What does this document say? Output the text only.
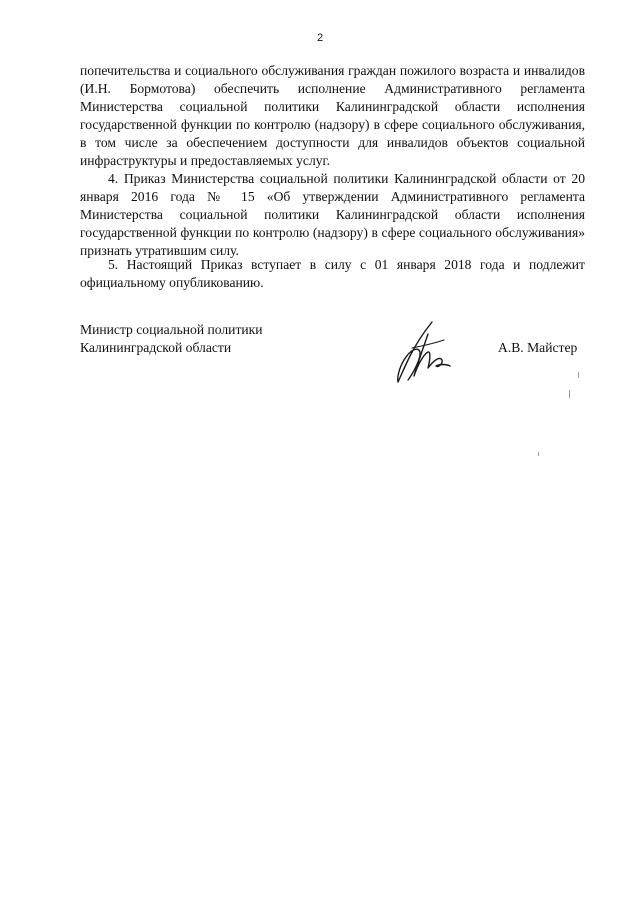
2

попечительства и социального обслуживания граждан пожилого возраста и инвалидов (И.Н. Бормотова) обеспечить исполнение Административного регламента Министерства социальной политики Калининградской области исполнения государственной функции по контролю (надзору) в сфере социального обслуживания, в том числе за обеспечением доступности для инвалидов объектов социальной инфраструктуры и предоставляемых услуг.

4. Приказ Министерства социальной политики Калининградской области от 20 января 2016 года № 15 «Об утверждении Административного регламента Министерства социальной политики Калининградской области исполнения государственной функции по контролю (надзору) в сфере социального обслуживания» признать утратившим силу.

5. Настоящий Приказ вступает в силу с 01 января 2018 года и подлежит официальному опубликованию.

Министр социальной политики
Калининградской области	А.В. Майстер
